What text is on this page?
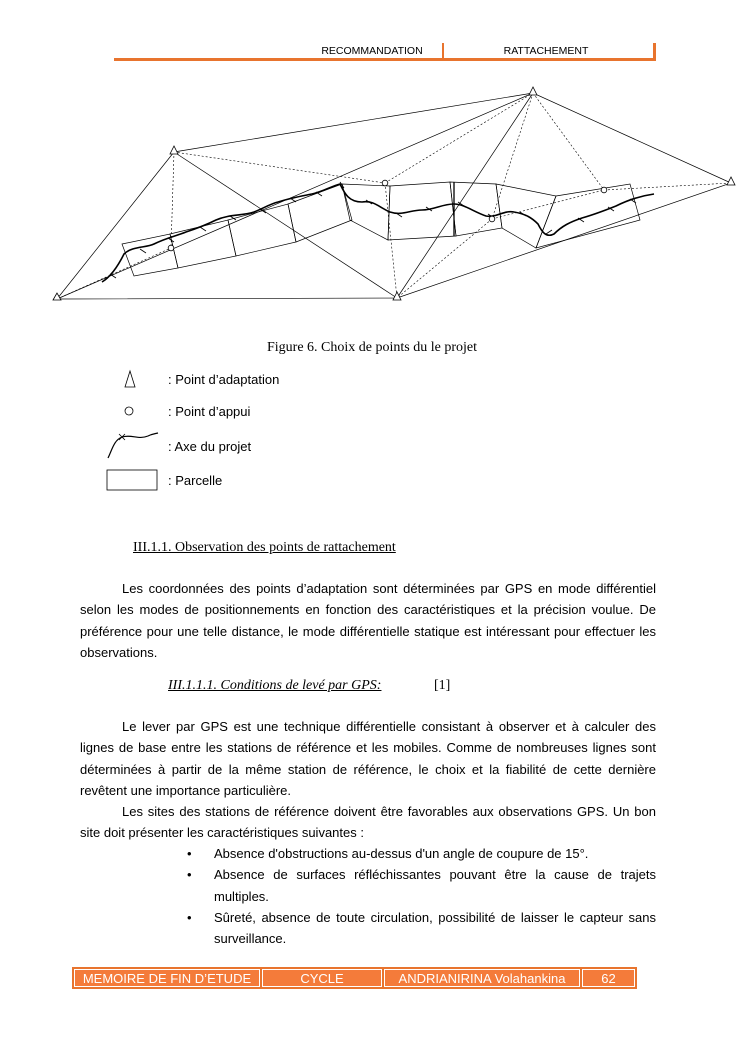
RECOMMANDATION	RATTACHEMENT
Figure 6. Choix de points du le projet
: Point d’adaptation
: Point d’appui
: Axe du projet
: Parcelle
III.1.1. Observation des points de rattachement

Les coordonnées des points d’adaptation sont déterminées par GPS en mode différentiel selon les modes de positionnements en fonction des caractéristiques et la précision voulue. De préférence pour une telle distance, le mode différentielle statique est intéressant pour effectuer les observations.

III.1.1.1. Conditions de levé par GPS:	[1]

Le lever par GPS est une technique différentielle consistant à observer et à calculer des lignes de base entre les stations de référence et les mobiles. Comme de nombreuses lignes sont déterminées à partir de la même station de référence, le choix et la fiabilité de cette dernière revêtent une importance particulière.

Les sites des stations de référence doivent être favorables aux observations GPS. Un bon site doit présenter les caractéristiques suivantes :

• Absence d'obstructions au-dessus d'un angle de coupure de 15°.
• Absence de surfaces réfléchissantes pouvant être la cause de trajets multiples.
• Sûreté, absence de toute circulation, possibilité de laisser le capteur sans surveillance.
MEMOIRE DE FIN D’ETUDE	CYCLE INGENIEUR
ANDRIANIRINA Volahankina	62
